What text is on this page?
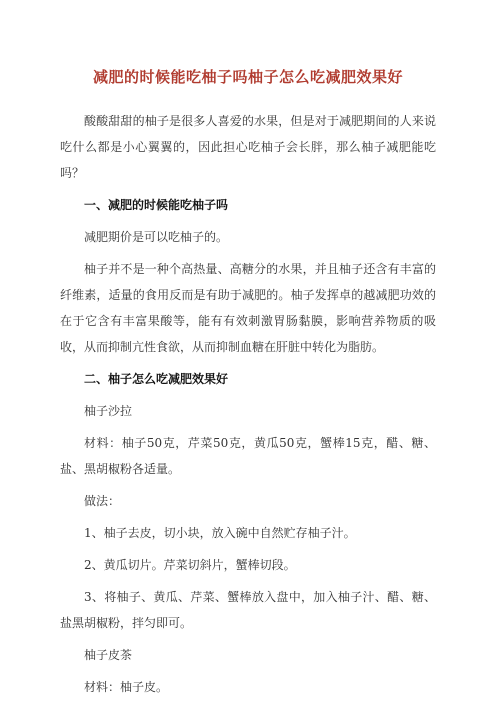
减肥的时候能吃柚子吗柚子怎么吃减肥效果好

酸酸甜甜的柚子是很多人喜爱的水果，但是对于减肥期间的人来说吃什么都是小心翼翼的，因此担心吃柚子会长胖，那么柚子减肥能吃吗？

一、减肥的时候能吃柚子吗

减肥期价是可以吃柚子的。

柚子并不是一种个高热量、高糖分的水果，并且柚子还含有丰富的纤维素，适量的食用反而是有助于减肥的。柚子发挥卓的越减肥功效的在于它含有丰富果酸等，能有有效刺激胃肠黏膜，影响营养物质的吸收，从而抑制亢性食欲，从而抑制血糖在肝脏中转化为脂肪。

二、柚子怎么吃减肥效果好

柚子沙拉

材料：柚子50克，芹菜50克，黄瓜50克，蟹棒15克，醋、糖、盐、黑胡椒粉各适量。

做法：

1、柚子去皮，切小块，放入碗中自然贮存柚子汁。

2、黄瓜切片。芹菜切斜片，蟹棒切段。

3、将柚子、黄瓜、芹菜、蟹棒放入盘中，加入柚子汁、醋、糖、盐黑胡椒粉，拌匀即可。

柚子皮茶

材料：柚子皮。
